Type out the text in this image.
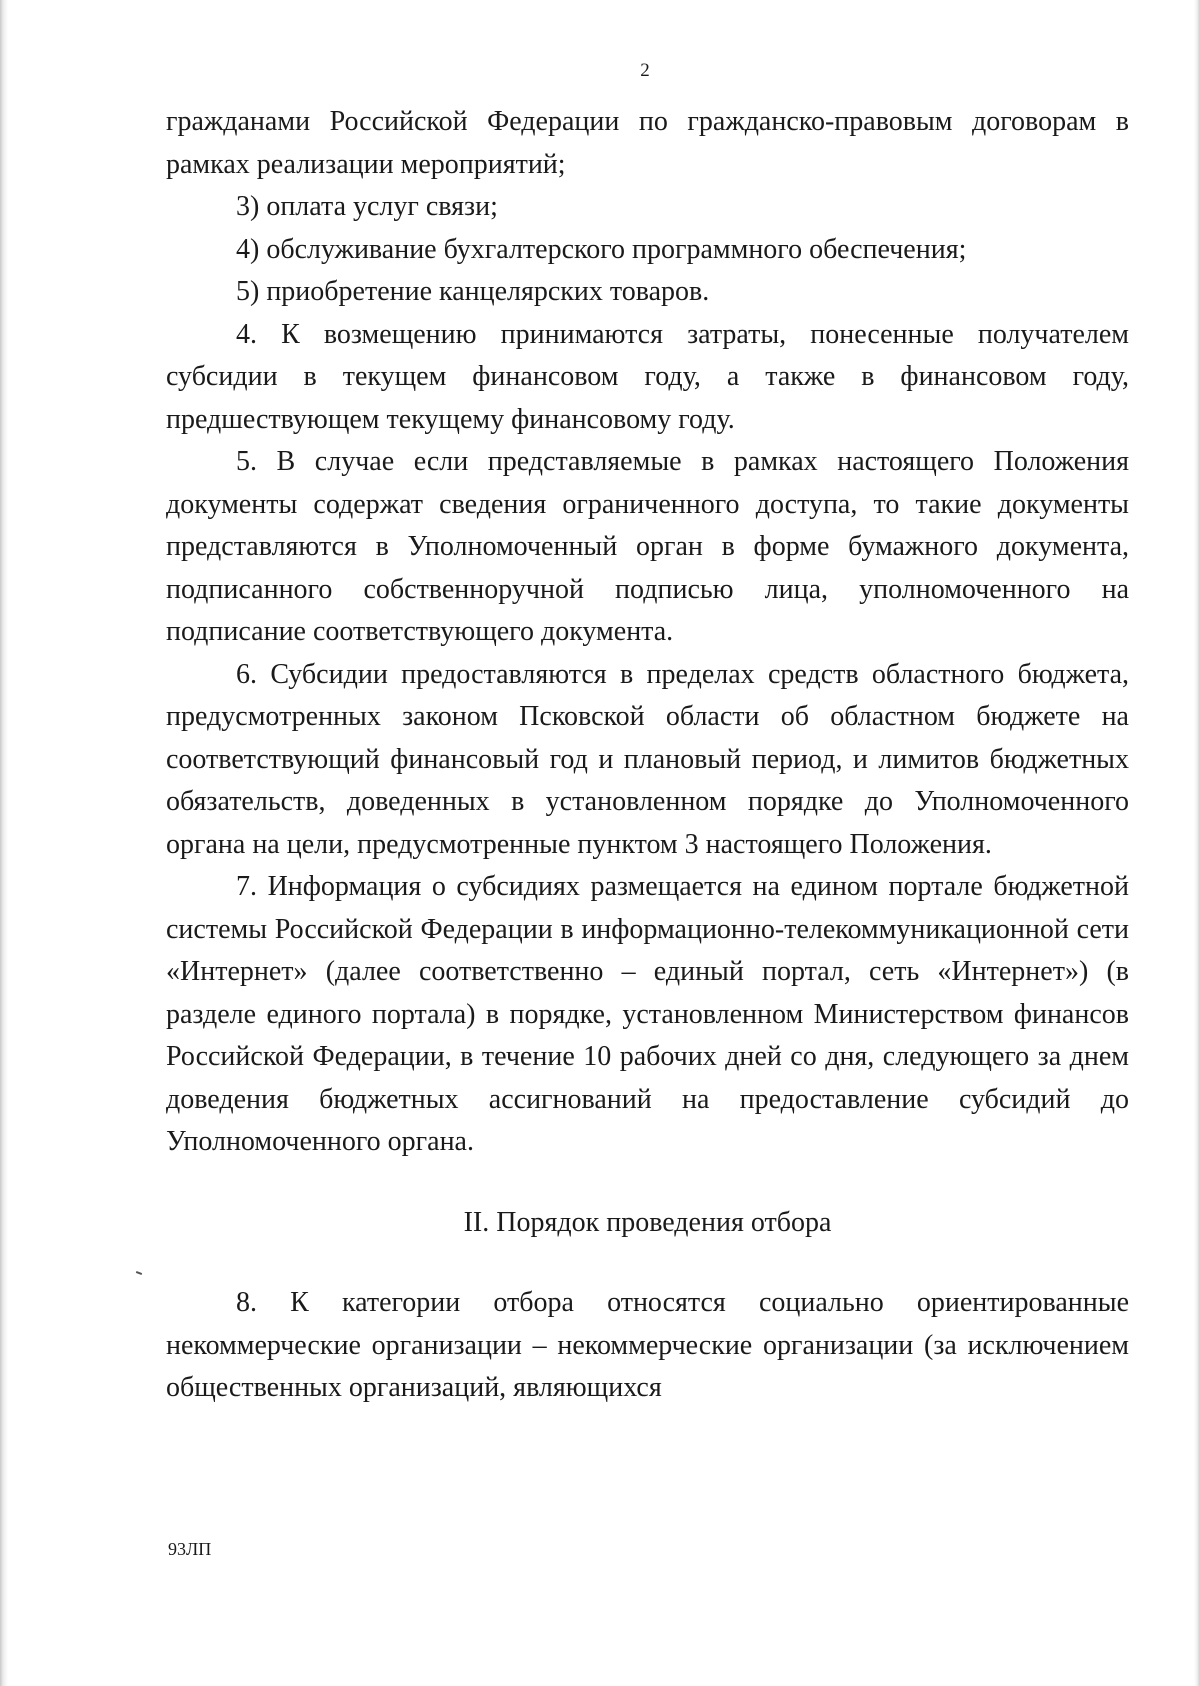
2

гражданами Российской Федерации по гражданско-правовым договорам в рамках реализации мероприятий;

3) оплата услуг связи;

4) обслуживание бухгалтерского программного обеспечения;

5) приобретение канцелярских товаров.

4. К возмещению принимаются затраты, понесенные получателем субсидии в текущем финансовом году, а также в финансовом году, предшествующем текущему финансовому году.

5. В случае если представляемые в рамках настоящего Положения документы содержат сведения ограниченного доступа, то такие документы представляются в Уполномоченный орган в форме бумажного документа, подписанного собственноручной подписью лица, уполномоченного на подписание соответствующего документа.

6. Субсидии предоставляются в пределах средств областного бюджета, предусмотренных законом Псковской области об областном бюджете на соответствующий финансовый год и плановый период, и лимитов бюджетных обязательств, доведенных в установленном порядке до Уполномоченного органа на цели, предусмотренные пунктом 3 настоящего Положения.

7. Информация о субсидиях размещается на едином портале бюджетной системы Российской Федерации в информационно-телекоммуникационной сети «Интернет» (далее соответственно – единый портал, сеть «Интернет») (в разделе единого портала) в порядке, установленном Министерством финансов Российской Федерации, в течение 10 рабочих дней со дня, следующего за днем доведения бюджетных ассигнований на предоставление субсидий до Уполномоченного органа.

II. Порядок проведения отбора

8. К категории отбора относятся социально ориентированные некоммерческие организации – некоммерческие организации (за исключением общественных организаций, являющихся

93ЛП
